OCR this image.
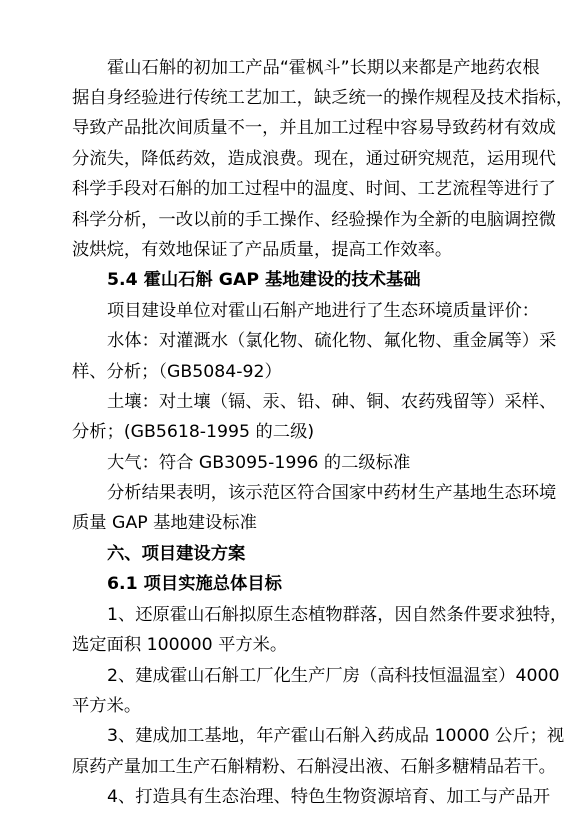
霍山石斛的初加工产品“霍枫斗”长期以来都是产地药农根
据自身经验进行传统工艺加工，缺乏统一的操作规程及技术指标，
导致产品批次间质量不一，并且加工过程中容易导致药材有效成
分流失，降低药效，造成浪费。现在，通过研究规范，运用现代
科学手段对石斛的加工过程中的温度、时间、工艺流程等进行了
科学分析，一改以前的手工操作、经验操作为全新的电脑调控微
波烘烷，有效地保证了产品质量，提高工作效率。
5.4 霍山石斛 GAP 基地建设的技术基础
项目建设单位对霍山石斛产地进行了生态环境质量评价：
水体：对灌溉水（氯化物、硫化物、氟化物、重金属等）采
样、分析；（GB5084-92）
土壤：对土壤（镉、汞、铅、砷、铜、农药残留等）采样、
分析；(GB5618-1995 的二级)
大气：符合 GB3095-1996 的二级标准
分析结果表明，该示范区符合国家中药材生产基地生态环境
质量 GAP 基地建设标准
六、项目建设方案
6.1 项目实施总体目标
1、还原霍山石斛拟原生态植物群落，因自然条件要求独特，
选定面积 100000 平方米。
2、建成霍山石斛工厂化生产厂房（高科技恒温温室）4000
平方米。
3、建成加工基地，年产霍山石斛入药成品 10000 公斤；视
原药产量加工生产石斛精粉、石斛浸出液、石斛多糖精品若干。
4、打造具有生态治理、特色生物资源培育、加工与产品开
